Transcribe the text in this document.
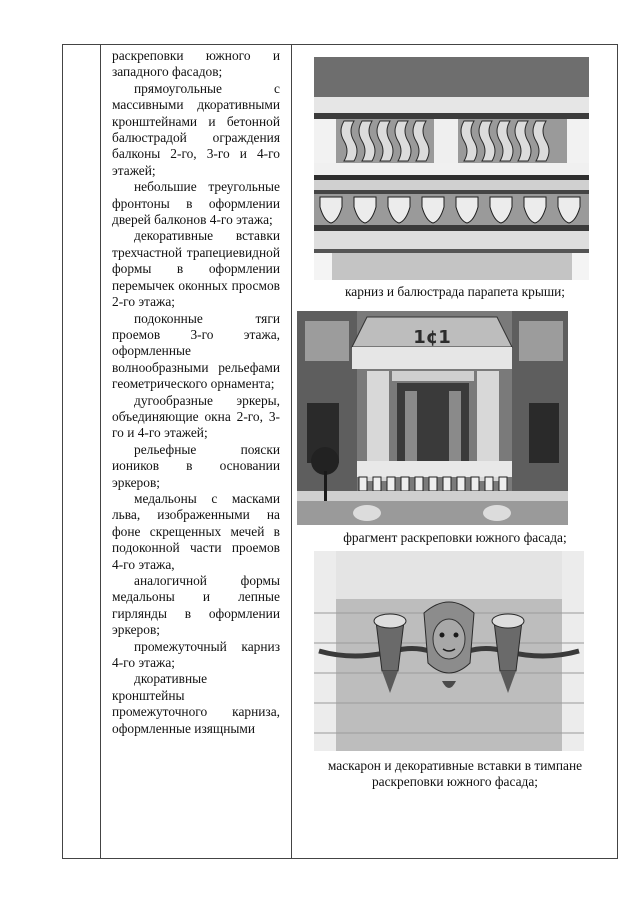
раскреповки южного и западного фасадов;

прямоугольные с массивными дкоративными кронштейнами и бетонной балюстрадой ограждения балконы 2-го, 3-го и 4-го этажей;

небольшие треугольные фронтоны в оформлении дверей балконов 4-го этажа;

декоративные вставки трехчастной трапециевидной формы в оформлении перемычек оконных просмов 2-го этажа;

подоконные тяги проемов 3-го этажа, оформленные волнообразными рельефами геометрического орнамента;

дугообразные эркеры, объединяющие окна 2-го, 3-го и 4-го этажей;

рельефные пояски иоников в основании эркеров;

медальоны с масками льва, изображенными на фоне скрещенных мечей в подоконной части проемов 4-го этажа,

аналогичной формы медальоны и лепные гирлянды в оформлении эркеров;

промежуточный карниз 4-го этажа;

дкоративные кронштейны промежуточного карниза, оформленные изящными

карниз и балюстрада парапета крыши;
1¢1
фрагмент раскреповки южного фасада;
маскарон и декоративные вставки в тимпане раскреповки южного фасада;
